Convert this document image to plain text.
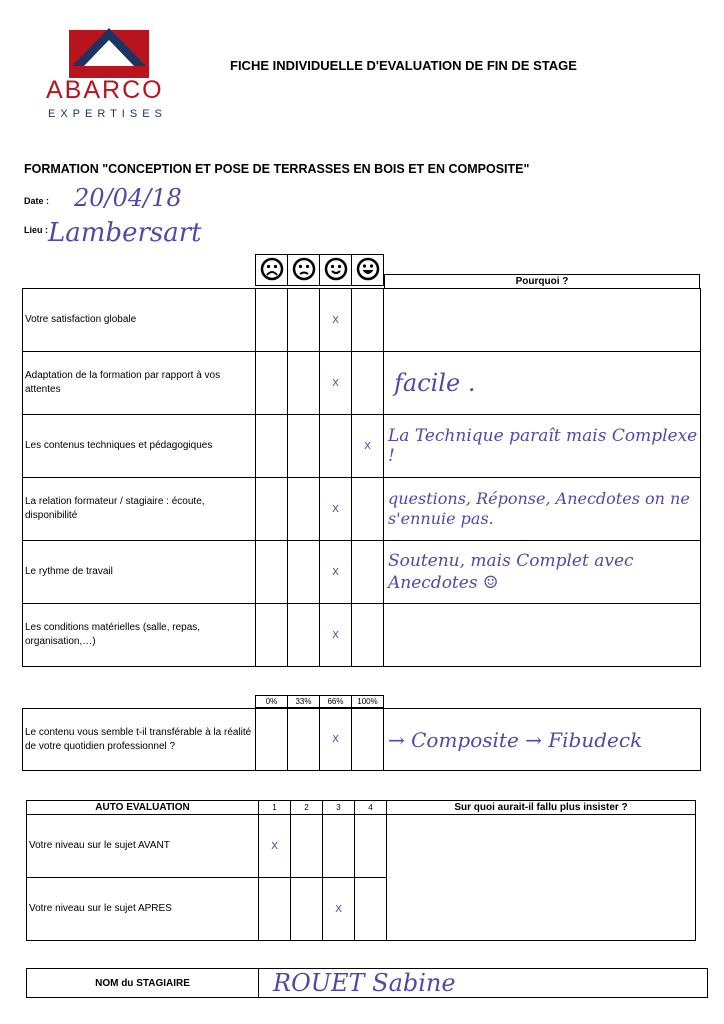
ABARCO
EXPERTISES
FICHE INDIVIDUELLE D'EVALUATION DE FIN DE STAGE
FORMATION "CONCEPTION ET POSE DE TERRASSES EN BOIS ET EN COMPOSITE"
Date : 20/04/18
Lieu : Lambersart

Pourquoi ?
Votre satisfaction globale			X		
Adaptation de la formation par rapport à vos attentes			X		facile .
Les contenus techniques et pédagogiques				X	La Technique paraît mais Complexe !
La relation formateur / stagiaire : écoute, disponibilité			X		questions, Réponse, Anecdotes on ne s'ennuie pas.
Le rythme de travail			X		Soutenu, mais Complet avec Anecdotes ☺
Les conditions matérielles (salle, repas, organisation,…)			X		
0%	33%	66%	100%
Le contenu vous semble t-il transférable à la réalité de votre quotidien professionnel ?			X		→ Composite → Fibudeck
AUTO EVALUATION	1	2	3	4	Sur quoi aurait-il fallu plus insister ?
Votre niveau sur le sujet AVANT	X				
Votre niveau sur le sujet APRES			X		
NOM du STAGIAIRE	ROUET Sabine
